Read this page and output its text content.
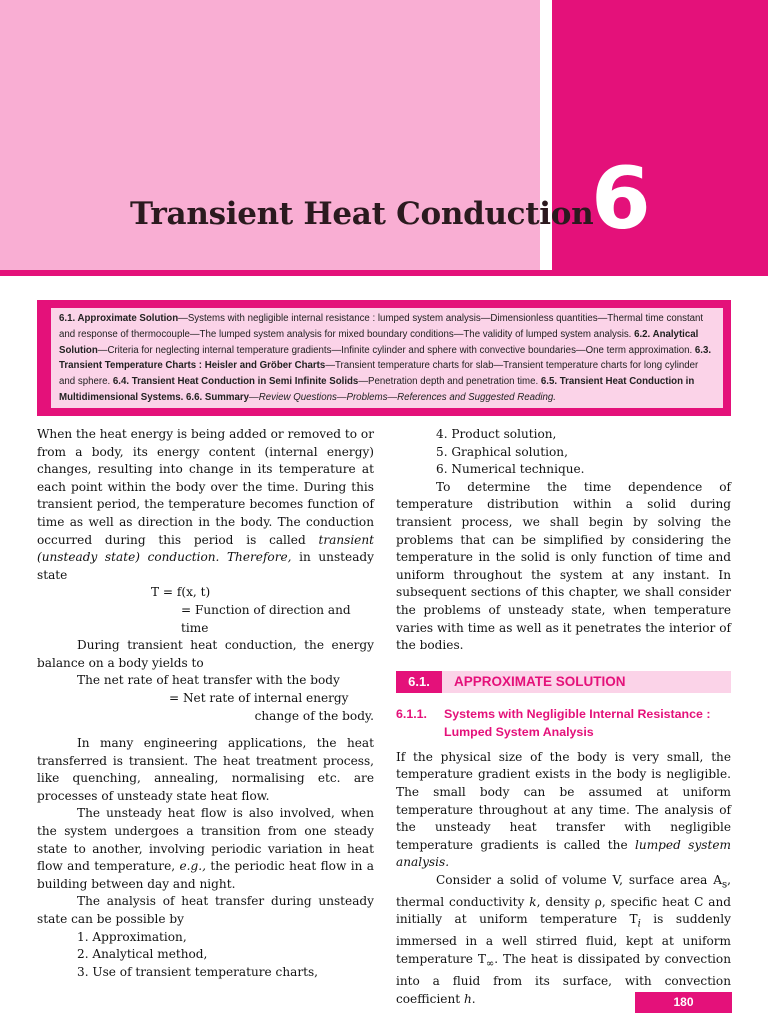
Transient Heat Conduction
6
6.1. Approximate Solution—Systems with negligible internal resistance : lumped system analysis—Dimensionless quantities—Thermal time constant and response of thermocouple—The lumped system analysis for mixed boundary conditions—The validity of lumped system analysis. 6.2. Analytical Solution—Criteria for neglecting internal temperature gradients—Infinite cylinder and sphere with convective boundaries—One term approximation. 6.3. Transient Temperature Charts : Heisler and Gröber Charts—Transient temperature charts for slab—Transient temperature charts for long cylinder and sphere. 6.4. Transient Heat Conduction in Semi Infinite Solids—Penetration depth and penetration time. 6.5. Transient Heat Conduction in Multidimensional Systems. 6.6. Summary—Review Questions—Problems—References and Suggested Reading.

When the heat energy is being added or removed to or from a body, its energy content (internal energy) changes, resulting into change in its temperature at each point within the body over the time. During this transient period, the temperature becomes function of time as well as direction in the body. The conduction occurred during this period is called transient (unsteady state) conduction. Therefore, in unsteady state

T = f(x, t)

= Function of direction and time

During transient heat conduction, the energy balance on a body yields to

The net rate of heat transfer with the body

= Net rate of internal energy

change of the body.

In many engineering applications, the heat transferred is transient. The heat treatment process, like quenching, annealing, normalising etc. are processes of unsteady state heat flow.

The unsteady heat flow is also involved, when the system undergoes a transition from one steady state to another, involving periodic variation in heat flow and temperature, e.g., the periodic heat flow in a building between day and night.

The analysis of heat transfer during unsteady state can be possible by

1. Approximation,

2. Analytical method,

3. Use of transient temperature charts,

4. Product solution,

5. Graphical solution,

6. Numerical technique.

To determine the time dependence of temperature distribution within a solid during transient process, we shall begin by solving the problems that can be simplified by considering the temperature in the solid is only function of time and uniform throughout the system at any instant. In subsequent sections of this chapter, we shall consider the problems of unsteady state, when temperature varies with time as well as it penetrates the interior of the bodies.

6.1.	APPROXIMATE SOLUTION
6.1.1. Systems with Negligible Internal Resistance : Lumped System Analysis

If the physical size of the body is very small, the temperature gradient exists in the body is negligible. The small body can be assumed at uniform temperature throughout at any time. The analysis of the unsteady heat transfer with negligible temperature gradients is called the lumped system analysis.

Consider a solid of volume V, surface area $A_s$, thermal conductivity k, density ρ, specific heat C and initially at uniform temperature $T_i$ is suddenly immersed in a well stirred fluid, kept at uniform temperature $T_\infty$. The heat is dissipated by convection into a fluid from its surface, with convection coefficient h.	180
